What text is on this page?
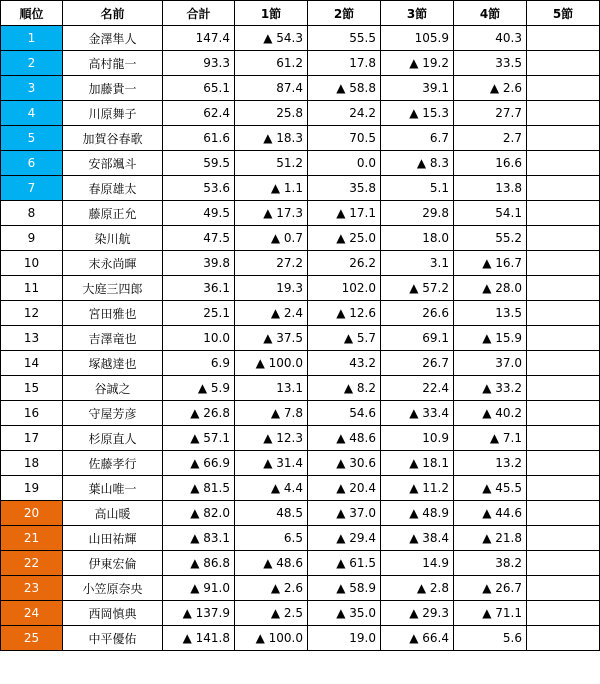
順位	名前	合計	1節	2節	3節	4節	5節
1	金澤隼人	147.4	▲ 54.3	55.5	105.9	40.3	
2	高村龍一	93.3	61.2	17.8	▲ 19.2	33.5	
3	加藤貴一	65.1	87.4	▲ 58.8	39.1	▲ 2.6	
4	川原舞子	62.4	25.8	24.2	▲ 15.3	27.7	
5	加賀谷春歌	61.6	▲ 18.3	70.5	6.7	2.7	
6	安部颯斗	59.5	51.2	0.0	▲ 8.3	16.6	
7	春原雄太	53.6	▲ 1.1	35.8	5.1	13.8	
8	藤原正允	49.5	▲ 17.3	▲ 17.1	29.8	54.1	
9	染川航	47.5	▲ 0.7	▲ 25.0	18.0	55.2	
10	末永尚暉	39.8	27.2	26.2	3.1	▲ 16.7	
11	大庭三四郎	36.1	19.3	102.0	▲ 57.2	▲ 28.0	
12	宮田雅也	25.1	▲ 2.4	▲ 12.6	26.6	13.5	
13	吉澤竜也	10.0	▲ 37.5	▲ 5.7	69.1	▲ 15.9	
14	塚越達也	6.9	▲ 100.0	43.2	26.7	37.0	
15	谷誠之	▲ 5.9	13.1	▲ 8.2	22.4	▲ 33.2	
16	守屋芳彦	▲ 26.8	▲ 7.8	54.6	▲ 33.4	▲ 40.2	
17	杉原直人	▲ 57.1	▲ 12.3	▲ 48.6	10.9	▲ 7.1	
18	佐藤孝行	▲ 66.9	▲ 31.4	▲ 30.6	▲ 18.1	13.2	
19	葉山唯一	▲ 81.5	▲ 4.4	▲ 20.4	▲ 11.2	▲ 45.5	
20	高山暖	▲ 82.0	48.5	▲ 37.0	▲ 48.9	▲ 44.6	
21	山田祐輝	▲ 83.1	6.5	▲ 29.4	▲ 38.4	▲ 21.8	
22	伊東宏倫	▲ 86.8	▲ 48.6	▲ 61.5	14.9	38.2	
23	小笠原奈央	▲ 91.0	▲ 2.6	▲ 58.9	▲ 2.8	▲ 26.7	
24	西岡慎典	▲ 137.9	▲ 2.5	▲ 35.0	▲ 29.3	▲ 71.1	
25	中平優佑	▲ 141.8	▲ 100.0	19.0	▲ 66.4	5.6	
